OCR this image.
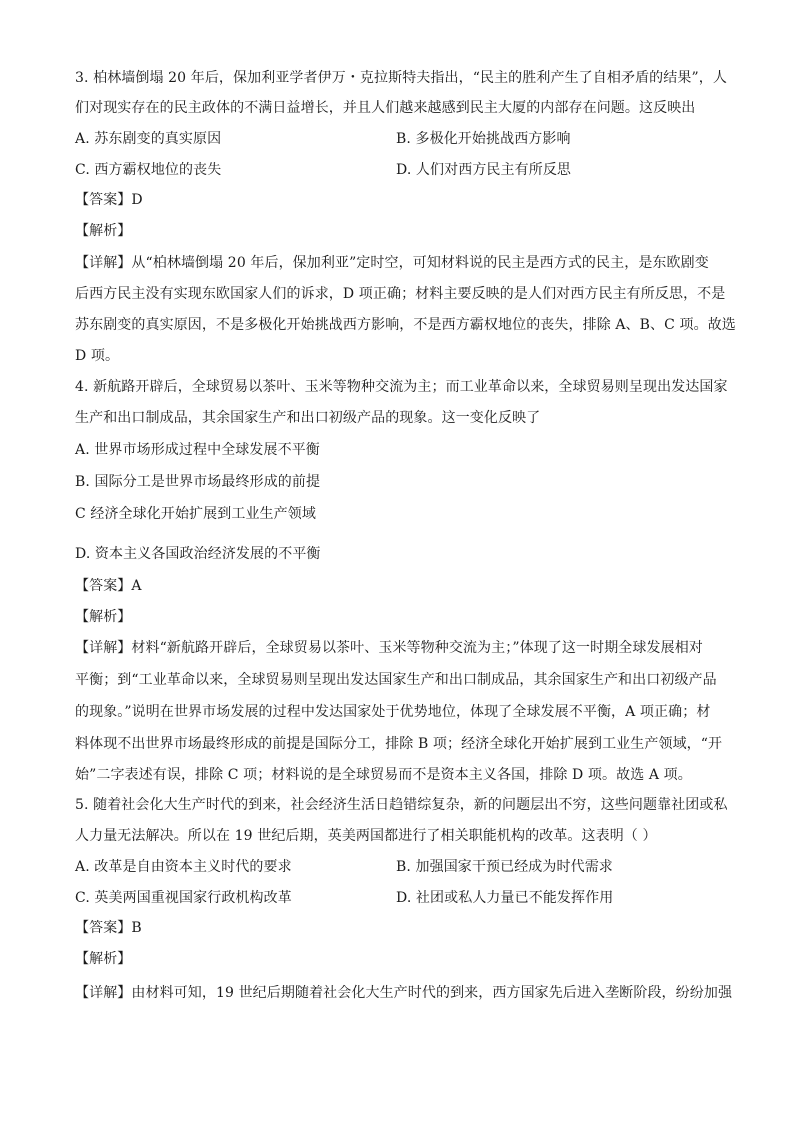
3. 柏林墙倒塌 20 年后，保加利亚学者伊万・克拉斯特夫指出，“民主的胜利产生了自相矛盾的结果”，人

们对现实存在的民主政体的不满日益增长，并且人们越来越感到民主大厦的内部存在问题。这反映出

A. 苏东剧变的真实原因	B. 多极化开始挑战西方影响

C. 西方霸权地位的丧失	D. 人们对西方民主有所反思

【答案】D

【解析】

【详解】从“柏林墙倒塌 20 年后，保加利亚”定时空，可知材料说的民主是西方式的民主，是东欧剧变

后西方民主没有实现东欧国家人们的诉求，D 项正确；材料主要反映的是人们对西方民主有所反思，不是

苏东剧变的真实原因，不是多极化开始挑战西方影响，不是西方霸权地位的丧失，排除 A、B、C 项。故选

D 项。

4. 新航路开辟后，全球贸易以茶叶、玉米等物种交流为主；而工业革命以来，全球贸易则呈现出发达国家

生产和出口制成品，其余国家生产和出口初级产品的现象。这一变化反映了

A. 世界市场形成过程中全球发展不平衡

B. 国际分工是世界市场最终形成的前提

C 经济全球化开始扩展到工业生产领域

D. 资本主义各国政治经济发展的不平衡

【答案】A

【解析】

【详解】材料“新航路开辟后，全球贸易以茶叶、玉米等物种交流为主；”体现了这一时期全球发展相对

平衡；到“工业革命以来，全球贸易则呈现出发达国家生产和出口制成品，其余国家生产和出口初级产品

的现象。”说明在世界市场发展的过程中发达国家处于优势地位，体现了全球发展不平衡，A 项正确；材

料体现不出世界市场最终形成的前提是国际分工，排除 B 项；经济全球化开始扩展到工业生产领域，“开

始”二字表述有误，排除 C 项；材料说的是全球贸易而不是资本主义各国，排除 D 项。故选 A 项。

5. 随着社会化大生产时代的到来，社会经济生活日趋错综复杂，新的问题层出不穷，这些问题靠社团或私

人力量无法解决。所以在 19 世纪后期，英美两国都进行了相关职能机构的改革。这表明（ ）

A. 改革是自由资本主义时代的要求	B. 加强国家干预已经成为时代需求

C. 英美两国重视国家行政机构改革	D. 社团或私人力量已不能发挥作用

【答案】B

【解析】

【详解】由材料可知，19 世纪后期随着社会化大生产时代的到来，西方国家先后进入垄断阶段，纷纷加强
